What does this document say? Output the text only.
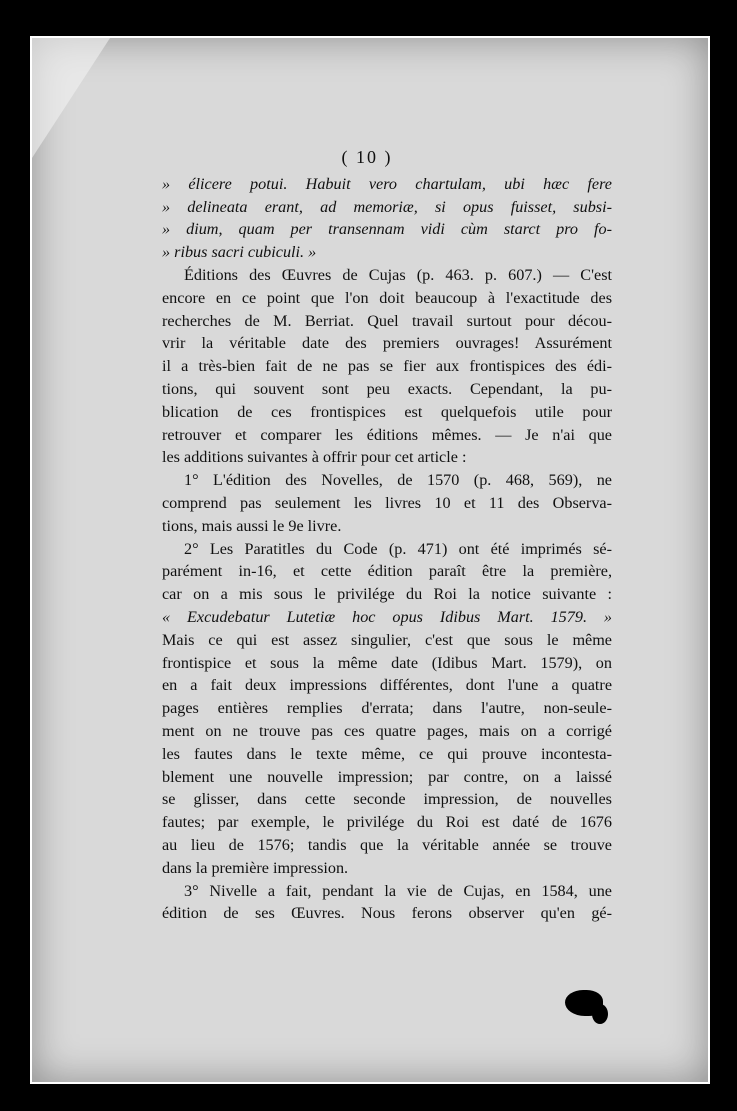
( 10 )
» élicere potui. Habuit vero chartulam, ubi hæc fere
» delineata erant, ad memoriæ, si opus fuisset, subsi-
» dium, quam per transennam vidi cùm starct pro fo-
» ribus sacri cubiculi. »
Éditions des Œuvres de Cujas (p. 463. p. 607.) — C'est
encore en ce point que l'on doit beaucoup à l'exactitude des
recherches de M. Berriat. Quel travail surtout pour décou-
vrir la véritable date des premiers ouvrages! Assurément
il a très-bien fait de ne pas se fier aux frontispices des édi-
tions, qui souvent sont peu exacts. Cependant, la pu-
blication de ces frontispices est quelquefois utile pour
retrouver et comparer les éditions mêmes. — Je n'ai que
les additions suivantes à offrir pour cet article :
1° L'édition des Novelles, de 1570 (p. 468, 569), ne
comprend pas seulement les livres 10 et 11 des Observa-
tions, mais aussi le 9e livre.
2° Les Paratitles du Code (p. 471) ont été imprimés sé-
parément in-16, et cette édition paraît être la première,
car on a mis sous le privilége du Roi la notice suivante :
« Excudebatur Lutetiæ hoc opus Idibus Mart. 1579. »
Mais ce qui est assez singulier, c'est que sous le même
frontispice et sous la même date (Idibus Mart. 1579), on
en a fait deux impressions différentes, dont l'une a quatre
pages entières remplies d'errata; dans l'autre, non-seule-
ment on ne trouve pas ces quatre pages, mais on a corrigé
les fautes dans le texte même, ce qui prouve incontesta-
blement une nouvelle impression; par contre, on a laissé
se glisser, dans cette seconde impression, de nouvelles
fautes; par exemple, le privilége du Roi est daté de 1676
au lieu de 1576; tandis que la véritable année se trouve
dans la première impression.
3° Nivelle a fait, pendant la vie de Cujas, en 1584, une
édition de ses Œuvres. Nous ferons observer qu'en gé-
